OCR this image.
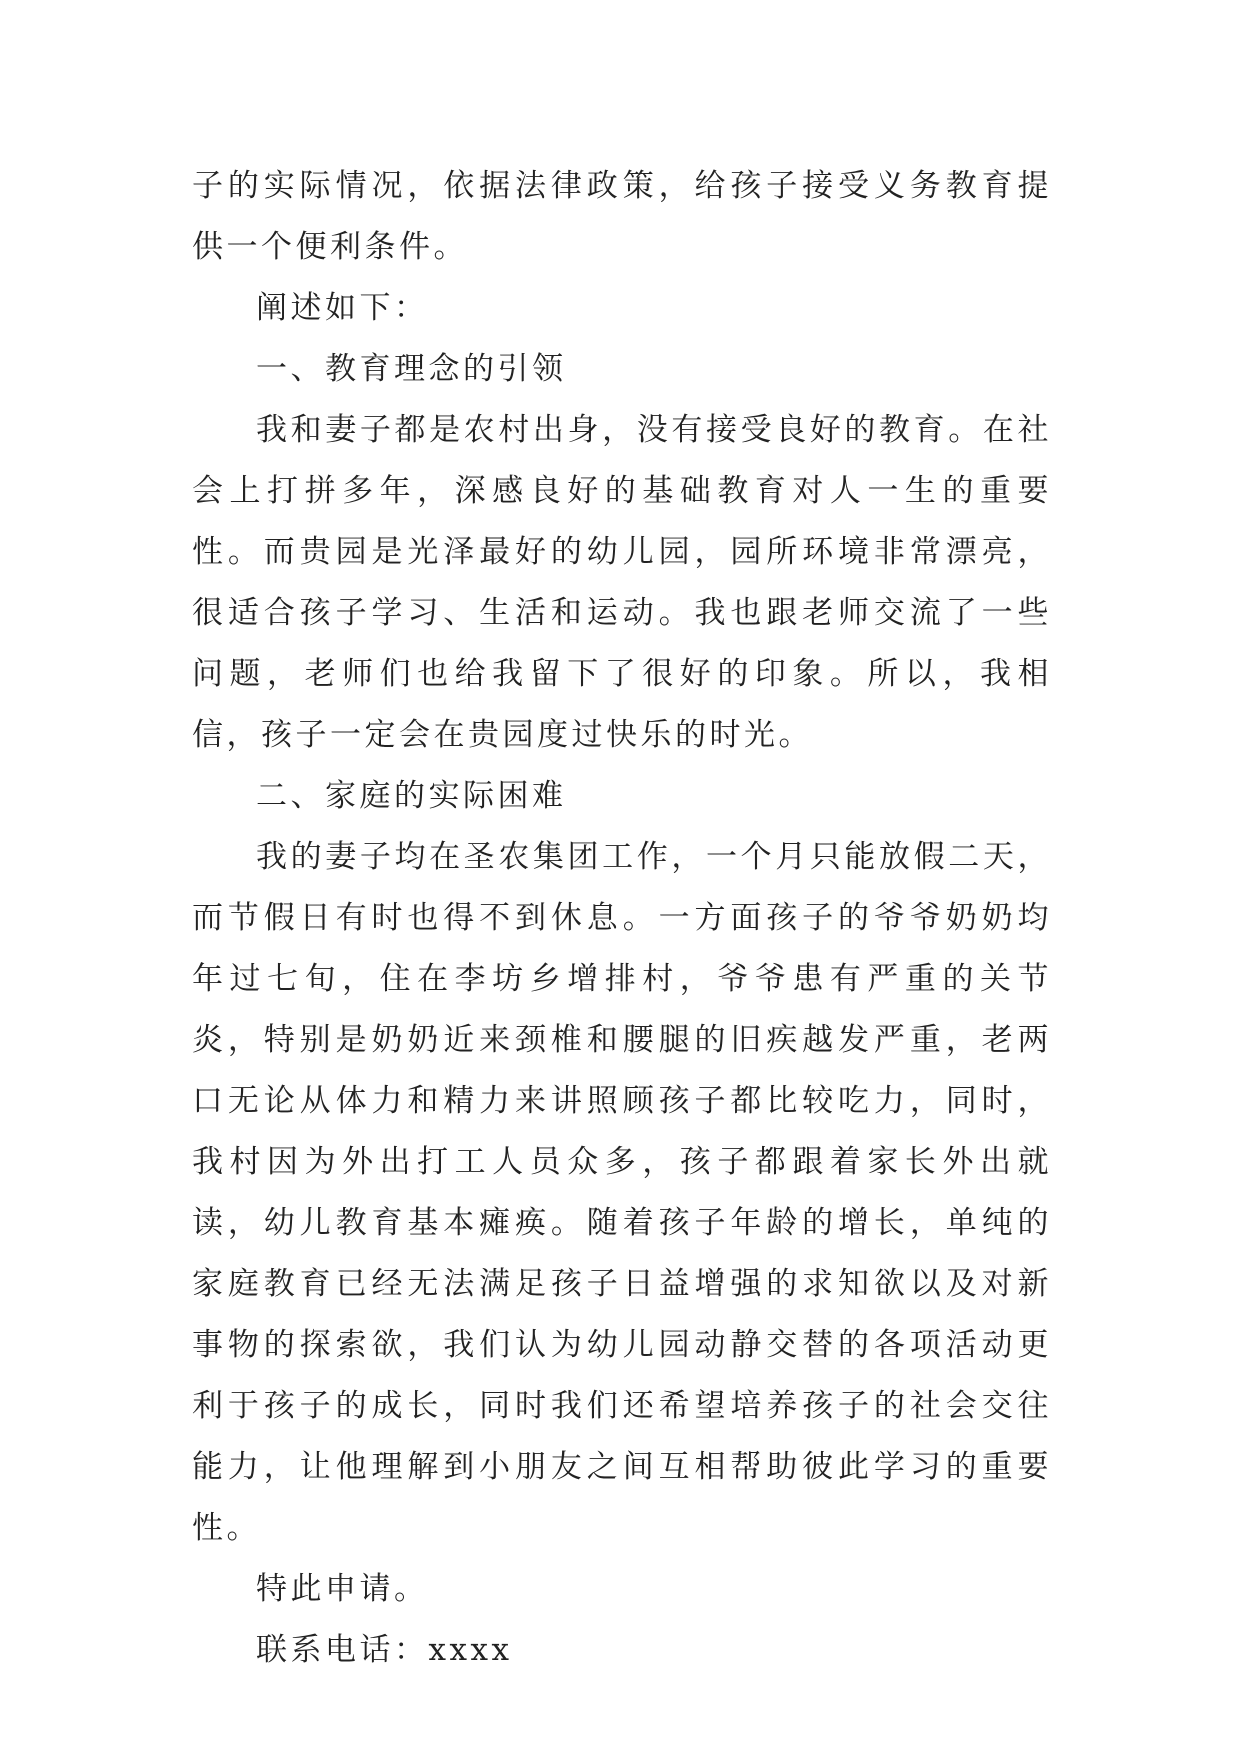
子的实际情况，依据法律政策，给孩子接受义务教育提供一个便利条件。

阐述如下：

一、教育理念的引领

我和妻子都是农村出身，没有接受良好的教育。在社会上打拼多年，深感良好的基础教育对人一生的重要性。而贵园是光泽最好的幼儿园，园所环境非常漂亮，很适合孩子学习、生活和运动。我也跟老师交流了一些问题，老师们也给我留下了很好的印象。所以，我相信，孩子一定会在贵园度过快乐的时光。

二、家庭的实际困难

我的妻子均在圣农集团工作，一个月只能放假二天，而节假日有时也得不到休息。一方面孩子的爷爷奶奶均年过七旬，住在李坊乡增排村，爷爷患有严重的关节炎，特别是奶奶近来颈椎和腰腿的旧疾越发严重，老两口无论从体力和精力来讲照顾孩子都比较吃力，同时，我村因为外出打工人员众多，孩子都跟着家长外出就读，幼儿教育基本瘫痪。随着孩子年龄的增长，单纯的家庭教育已经无法满足孩子日益增强的求知欲以及对新事物的探索欲，我们认为幼儿园动静交替的各项活动更利于孩子的成长，同时我们还希望培养孩子的社会交往能力，让他理解到小朋友之间互相帮助彼此学习的重要性。

特此申请。

联系电话：xxxx
